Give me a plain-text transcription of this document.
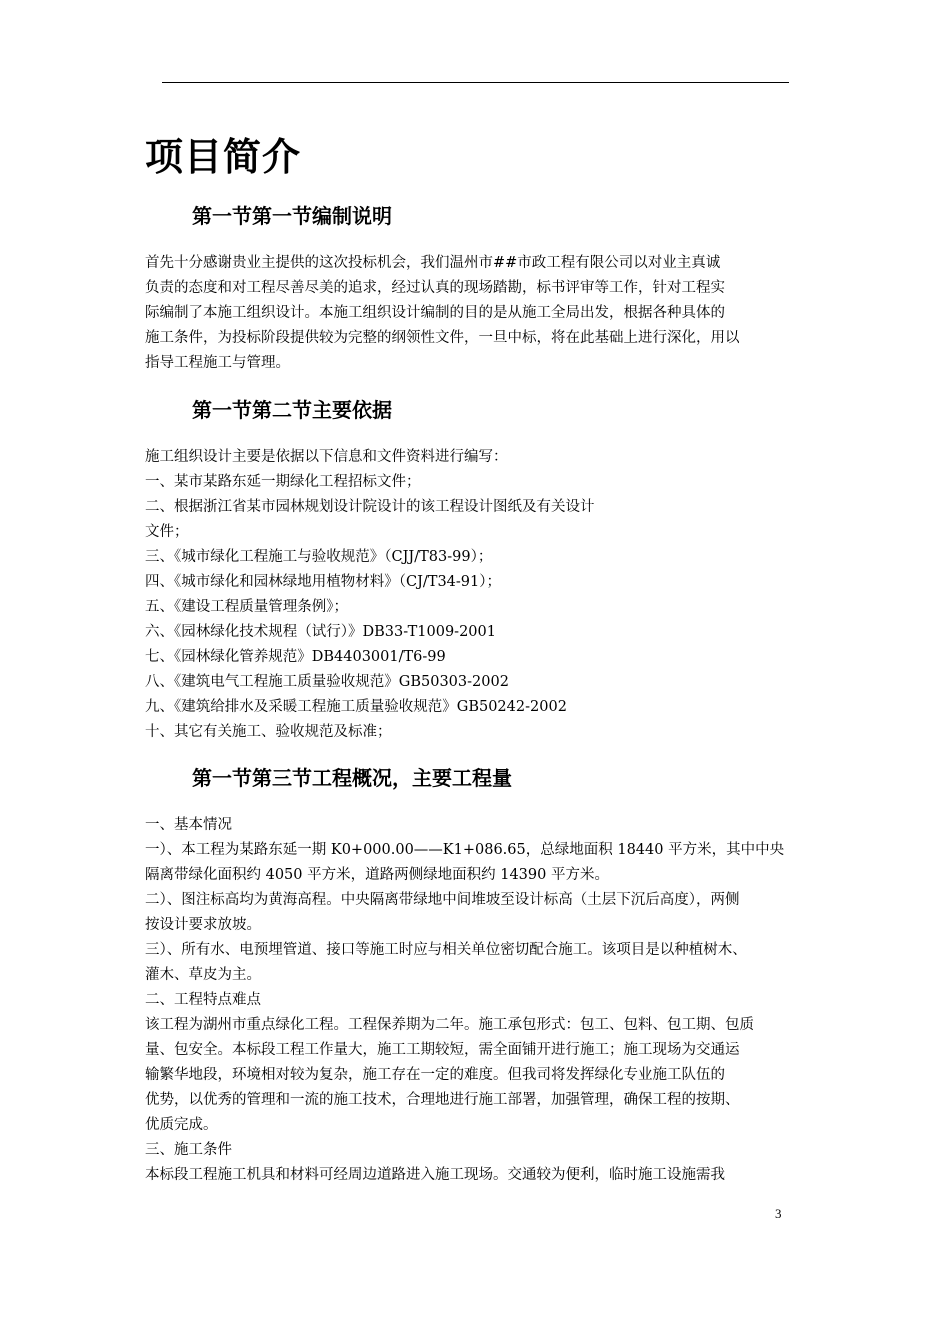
项目简介
第一节第一节编制说明

首先十分感谢贵业主提供的这次投标机会，我们温州市##市政工程有限公司以对业主真诚

负责的态度和对工程尽善尽美的追求，经过认真的现场踏勘，标书评审等工作，针对工程实

际编制了本施工组织设计。本施工组织设计编制的目的是从施工全局出发，根据各种具体的

施工条件，为投标阶段提供较为完整的纲领性文件，一旦中标，将在此基础上进行深化，用以

指导工程施工与管理。

第一节第二节主要依据

施工组织设计主要是依据以下信息和文件资料进行编写：

一、某市某路东延一期绿化工程招标文件；

二、根据浙江省某市园林规划设计院设计的该工程设计图纸及有关设计

文件；

三、《城市绿化工程施工与验收规范》（CJJ/T83-99）；

四、《城市绿化和园林绿地用植物材料》（CJ/T34-91）；

五、《建设工程质量管理条例》；

六、《园林绿化技术规程（试行）》DB33-T1009-2001

七、《园林绿化管养规范》DB4403001/T6-99

八、《建筑电气工程施工质量验收规范》GB50303-2002

九、《建筑给排水及采暖工程施工质量验收规范》GB50242-2002

十、其它有关施工、验收规范及标准；

第一节第三节工程概况，主要工程量

一、基本情况

一）、本工程为某路东延一期 K0+000.00——K1+086.65，总绿地面积 18440 平方米，其中中央

隔离带绿化面积约 4050 平方米，道路两侧绿地面积约 14390 平方米。

二）、图注标高均为黄海高程。中央隔离带绿地中间堆坡至设计标高（土层下沉后高度），两侧

按设计要求放坡。

三）、所有水、电预埋管道、接口等施工时应与相关单位密切配合施工。该项目是以种植树木、

灌木、草皮为主。

二、工程特点难点

该工程为湖州市重点绿化工程。工程保养期为二年。施工承包形式：包工、包料、包工期、包质

量、包安全。本标段工程工作量大，施工工期较短，需全面铺开进行施工；施工现场为交通运

输繁华地段，环境相对较为复杂，施工存在一定的难度。但我司将发挥绿化专业施工队伍的

优势，以优秀的管理和一流的施工技术，合理地进行施工部署，加强管理，确保工程的按期、

优质完成。

三、施工条件

本标段工程施工机具和材料可经周边道路进入施工现场。交通较为便利，临时施工设施需我

3
